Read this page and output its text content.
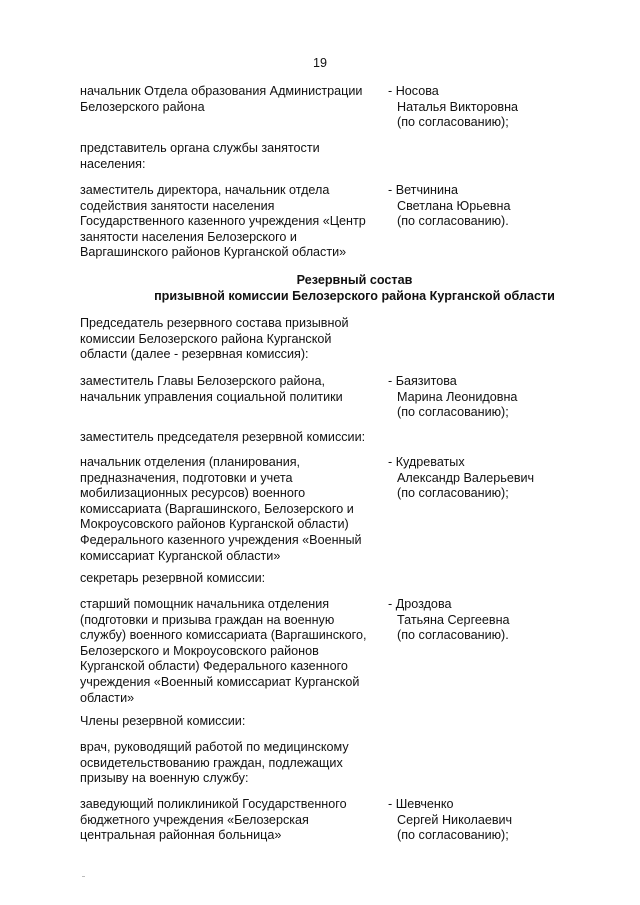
19
начальник Отдела образования Администрации
Белозерского района
- Носова
Наталья Викторовна
(по согласованию);
представитель органа службы занятости
населения:
заместитель директора, начальник отдела
содействия занятости населения
Государственного казенного учреждения «Центр
занятости населения Белозерского и
Варгашинского районов Курганской области»
- Ветчинина
Светлана Юрьевна
(по согласованию).
Резервный состав
призывной комиссии Белозерского района Курганской области
Председатель резервного состава призывной
комиссии Белозерского района Курганской
области (далее - резервная комиссия):
заместитель Главы Белозерского района,
начальник управления социальной политики
- Баязитова
Марина Леонидовна
(по согласованию);
заместитель председателя резервной комиссии:
начальник отделения (планирования,
предназначения, подготовки и учета
мобилизационных ресурсов) военного
комиссариата (Варгашинского, Белозерского и
Мокроусовского районов Курганской области)
Федерального казенного учреждения «Военный
комиссариат Курганской области»
- Кудреватых
Александр Валерьевич
(по согласованию);
секретарь резервной комиссии:
старший помощник начальника отделения
(подготовки и призыва граждан на военную
службу) военного комиссариата (Варгашинского,
Белозерского и Мокроусовского районов
Курганской области) Федерального казенного
учреждения «Военный комиссариат Курганской
области»
- Дроздова
Татьяна Сергеевна
(по согласованию).
Члены резервной комиссии:
врач, руководящий работой по медицинскому
освидетельствованию граждан, подлежащих
призыву на военную службу:
заведующий поликлиникой Государственного
бюджетного учреждения «Белозерская
центральная районная больница»
- Шевченко
Сергей Николаевич
(по согласованию);
